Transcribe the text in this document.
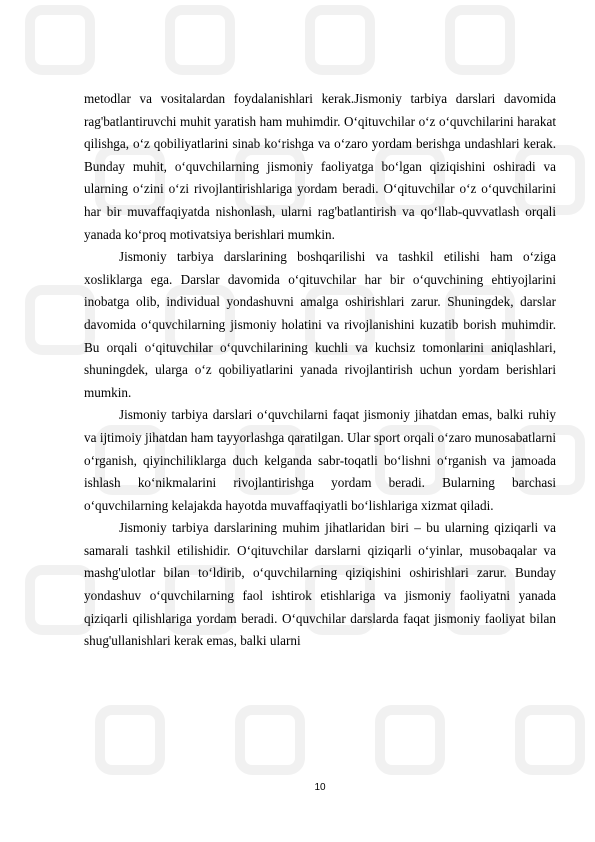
metodlar va vositalardan foydalanishlari kerak.Jismoniy tarbiya darslari davomida rag'batlantiruvchi muhit yaratish ham muhimdir. O‘qituvchilar o‘z o‘quvchilarini harakat qilishga, o‘z qobiliyatlarini sinab ko‘rishga va o‘zaro yordam berishga undashlari kerak. Bunday muhit, o‘quvchilarning jismoniy faoliyatga bo‘lgan qiziqishini oshiradi va ularning o‘zini o‘zi rivojlantirishlariga yordam beradi. O‘qituvchilar o‘z o‘quvchilarini har bir muvaffaqiyatda nishonlash, ularni rag'batlantirish va qo‘llab-quvvatlash orqali yanada ko‘proq motivatsiya berishlari mumkin.

Jismoniy tarbiya darslarining boshqarilishi va tashkil etilishi ham o‘ziga xosliklarga ega. Darslar davomida o‘qituvchilar har bir o‘quvchining ehtiyojlarini inobatga olib, individual yondashuvni amalga oshirishlari zarur. Shuningdek, darslar davomida o‘quvchilarning jismoniy holatini va rivojlanishini kuzatib borish muhimdir. Bu orqali o‘qituvchilar o‘quvchilarining kuchli va kuchsiz tomonlarini aniqlashlari, shuningdek, ularga o‘z qobiliyatlarini yanada rivojlantirish uchun yordam berishlari mumkin.

Jismoniy tarbiya darslari o‘quvchilarni faqat jismoniy jihatdan emas, balki ruhiy va ijtimoiy jihatdan ham tayyorlashga qaratilgan. Ular sport orqali o‘zaro munosabatlarni o‘rganish, qiyinchiliklarga duch kelganda sabr-toqatli bo‘lishni o‘rganish va jamoada ishlash ko‘nikmalarini rivojlantirishga yordam beradi. Bularning barchasi o‘quvchilarning kelajakda hayotda muvaffaqiyatli bo‘lishlariga xizmat qiladi.

Jismoniy tarbiya darslarining muhim jihatlaridan biri – bu ularning qiziqarli va samarali tashkil etilishidir. O‘qituvchilar darslarni qiziqarli o‘yinlar, musobaqalar va mashg'ulotlar bilan to‘ldirib, o‘quvchilarning qiziqishini oshirishlari zarur. Bunday yondashuv o‘quvchilarning faol ishtirok etishlariga va jismoniy faoliyatni yanada qiziqarli qilishlariga yordam beradi. O‘quvchilar darslarda faqat jismoniy faoliyat bilan shug'ullanishlari kerak emas, balki ularni

10
